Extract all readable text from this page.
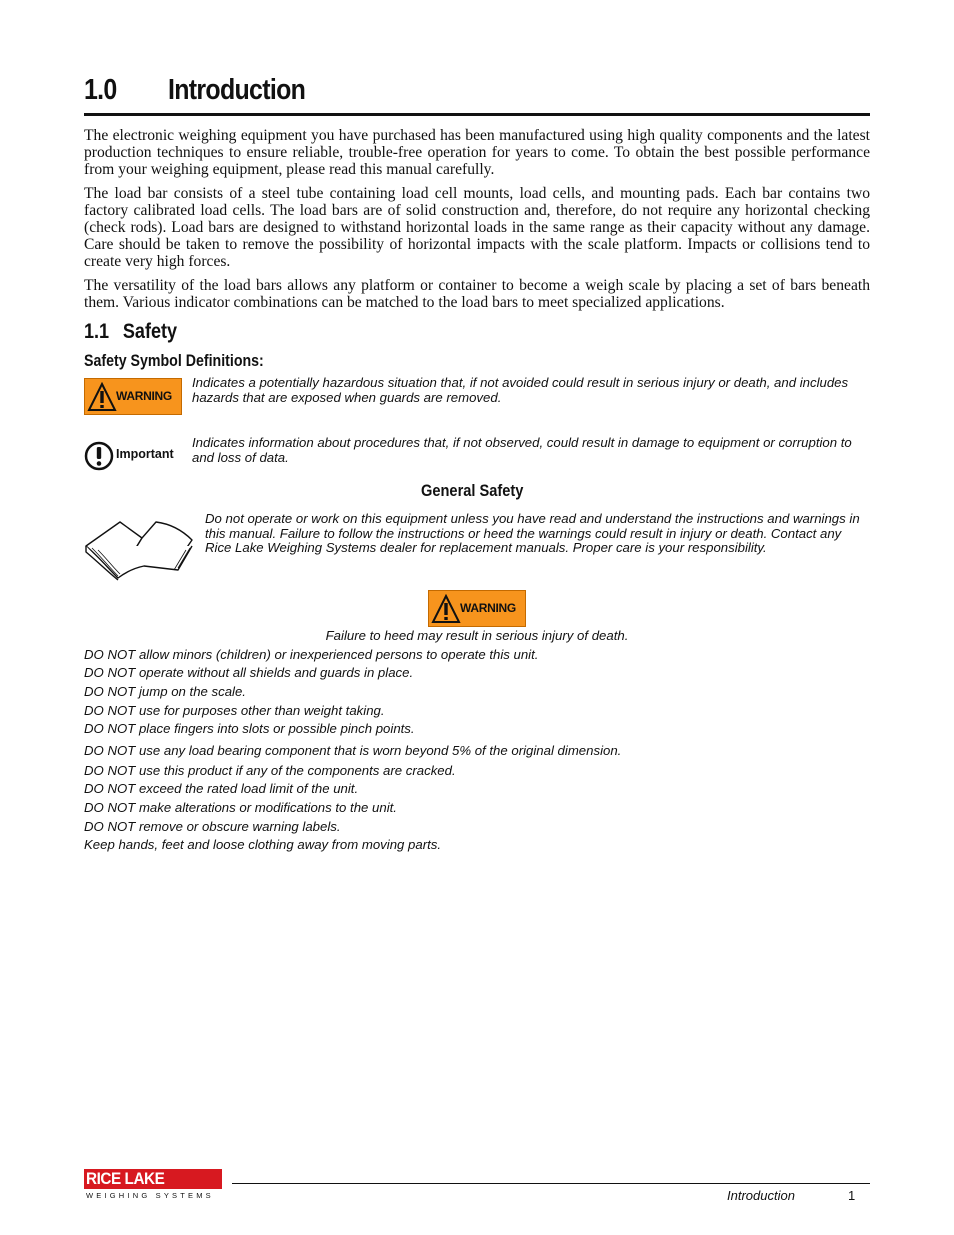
1.0 Introduction

The electronic weighing equipment you have purchased has been manufactured using high quality components and the latest production techniques to ensure reliable, trouble-free operation for years to come. To obtain the best possible performance from your weighing equipment, please read this manual carefully.

The load bar consists of a steel tube containing load cell mounts, load cells, and mounting pads. Each bar contains two factory calibrated load cells. The load bars are of solid construction and, therefore, do not require any horizontal checking (check rods). Load bars are designed to withstand horizontal loads in the same range as their capacity without any damage. Care should be taken to remove the possibility of horizontal impacts with the scale platform. Impacts or collisions tend to create very high forces.

The versatility of the load bars allows any platform or container to become a weigh scale by placing a set of bars beneath them. Various indicator combinations can be matched to the load bars to meet specialized applications.

1.1 Safety
Safety Symbol Definitions:
WARNING
Indicates a potentially hazardous situation that, if not avoided could result in serious injury or death, and includes hazards that are exposed when guards are removed.
Important
Indicates information about procedures that, if not observed, could result in damage to equipment or corruption to and loss of data.
General Safety
Do not operate or work on this equipment unless you have read and understand the instructions and warnings in this manual. Failure to follow the instructions or heed the warnings could result in injury or death. Contact any Rice Lake Weighing Systems dealer for replacement manuals. Proper care is your responsibility.
WARNING
Failure to heed may result in serious injury of death.
DO NOT allow minors (children) or inexperienced persons to operate this unit.
DO NOT operate without all shields and guards in place.
DO NOT jump on the scale.
DO NOT use for purposes other than weight taking.
DO NOT place fingers into slots or possible pinch points.
DO NOT use any load bearing component that is worn beyond 5% of the original dimension.
DO NOT use this product if any of the components are cracked.
DO NOT exceed the rated load limit of the unit.
DO NOT make alterations or modifications to the unit.
DO NOT remove or obscure warning labels.
Keep hands, feet and loose clothing away from moving parts.
RICE LAKE
WEIGHING SYSTEMS	Introduction	1
